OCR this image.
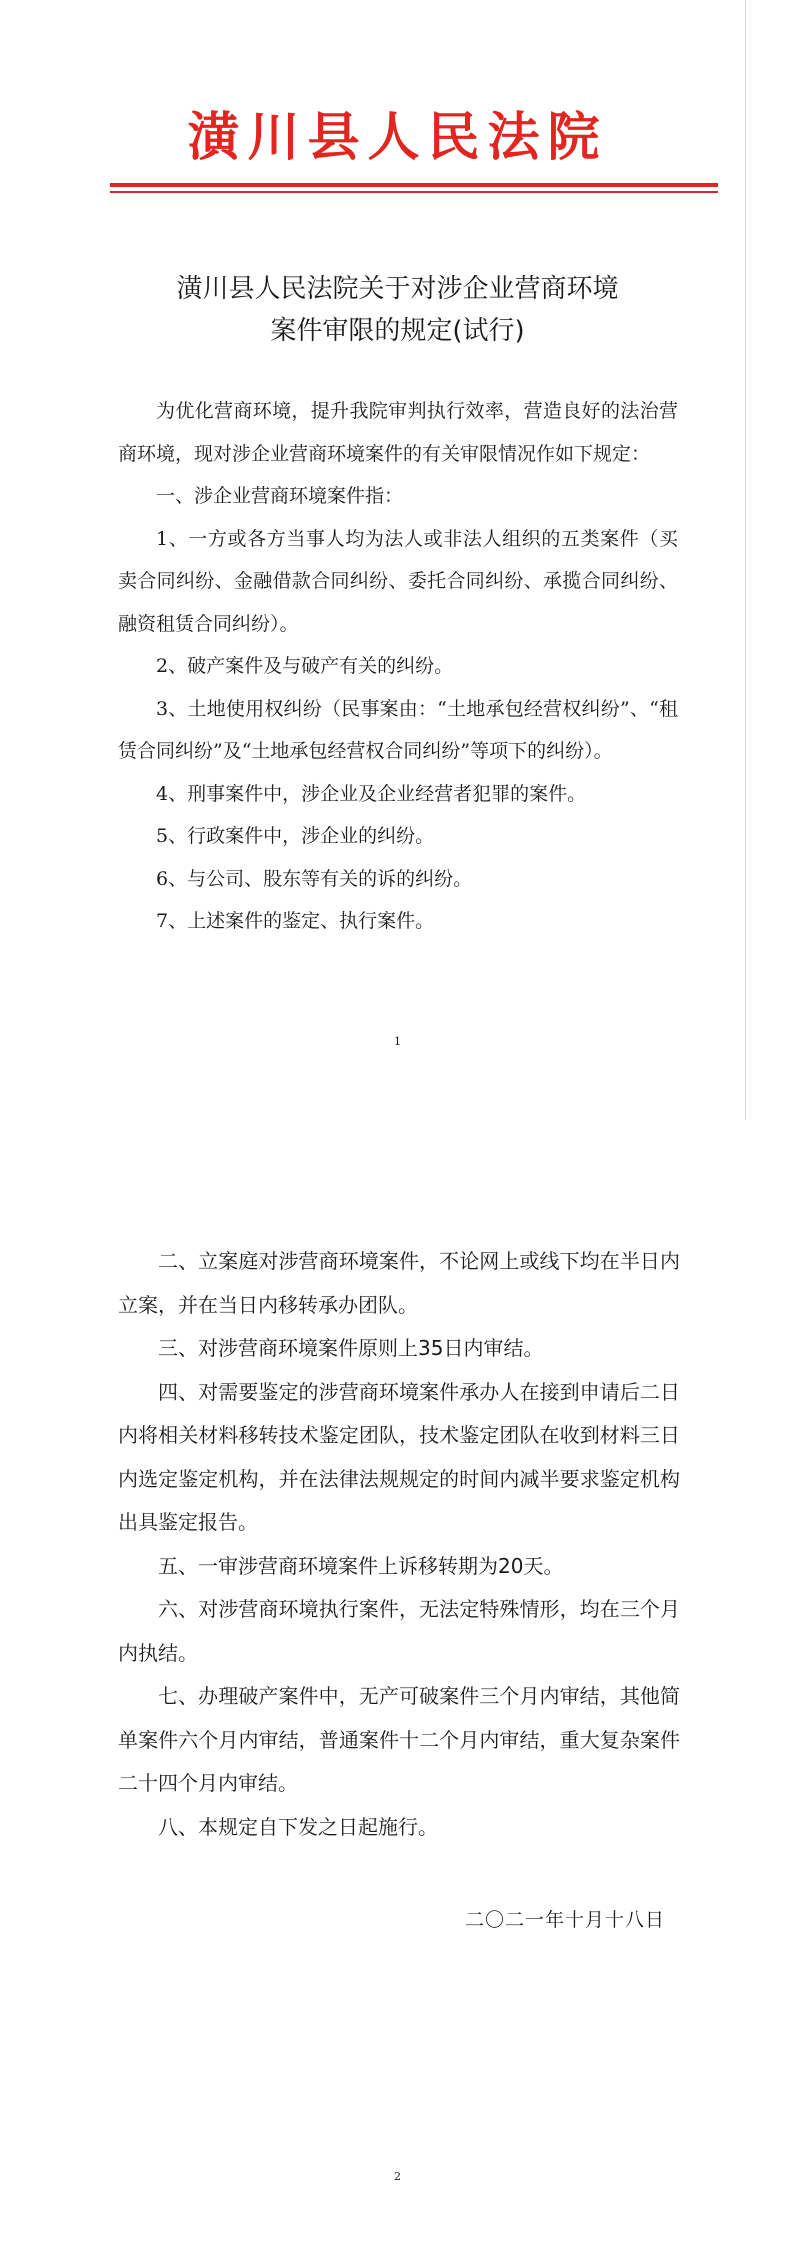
潢川县人民法院
潢川县人民法院关于对涉企业营商环境
案件审限的规定(试行)

为优化营商环境，提升我院审判执行效率，营造良好的法治营商环境，现对涉企业营商环境案件的有关审限情况作如下规定：

一、涉企业营商环境案件指：

1、一方或各方当事人均为法人或非法人组织的五类案件（买卖合同纠纷、金融借款合同纠纷、委托合同纠纷、承揽合同纠纷、融资租赁合同纠纷）。

2、破产案件及与破产有关的纠纷。

3、土地使用权纠纷（民事案由：“土地承包经营权纠纷”、“租赁合同纠纷”及“土地承包经营权合同纠纷”等项下的纠纷）。

4、刑事案件中，涉企业及企业经营者犯罪的案件。

5、行政案件中，涉企业的纠纷。

6、与公司、股东等有关的诉的纠纷。

7、上述案件的鉴定、执行案件。

1

二、立案庭对涉营商环境案件，不论网上或线下均在半日内立案，并在当日内移转承办团队。

三、对涉营商环境案件原则上35日内审结。

四、对需要鉴定的涉营商环境案件承办人在接到申请后二日内将相关材料移转技术鉴定团队，技术鉴定团队在收到材料三日内选定鉴定机构，并在法律法规规定的时间内减半要求鉴定机构出具鉴定报告。

五、一审涉营商环境案件上诉移转期为20天。

六、对涉营商环境执行案件，无法定特殊情形，均在三个月内执结。

七、办理破产案件中，无产可破案件三个月内审结，其他简单案件六个月内审结，普通案件十二个月内审结，重大复杂案件二十四个月内审结。

八、本规定自下发之日起施行。

二〇二一年十月十八日
2
